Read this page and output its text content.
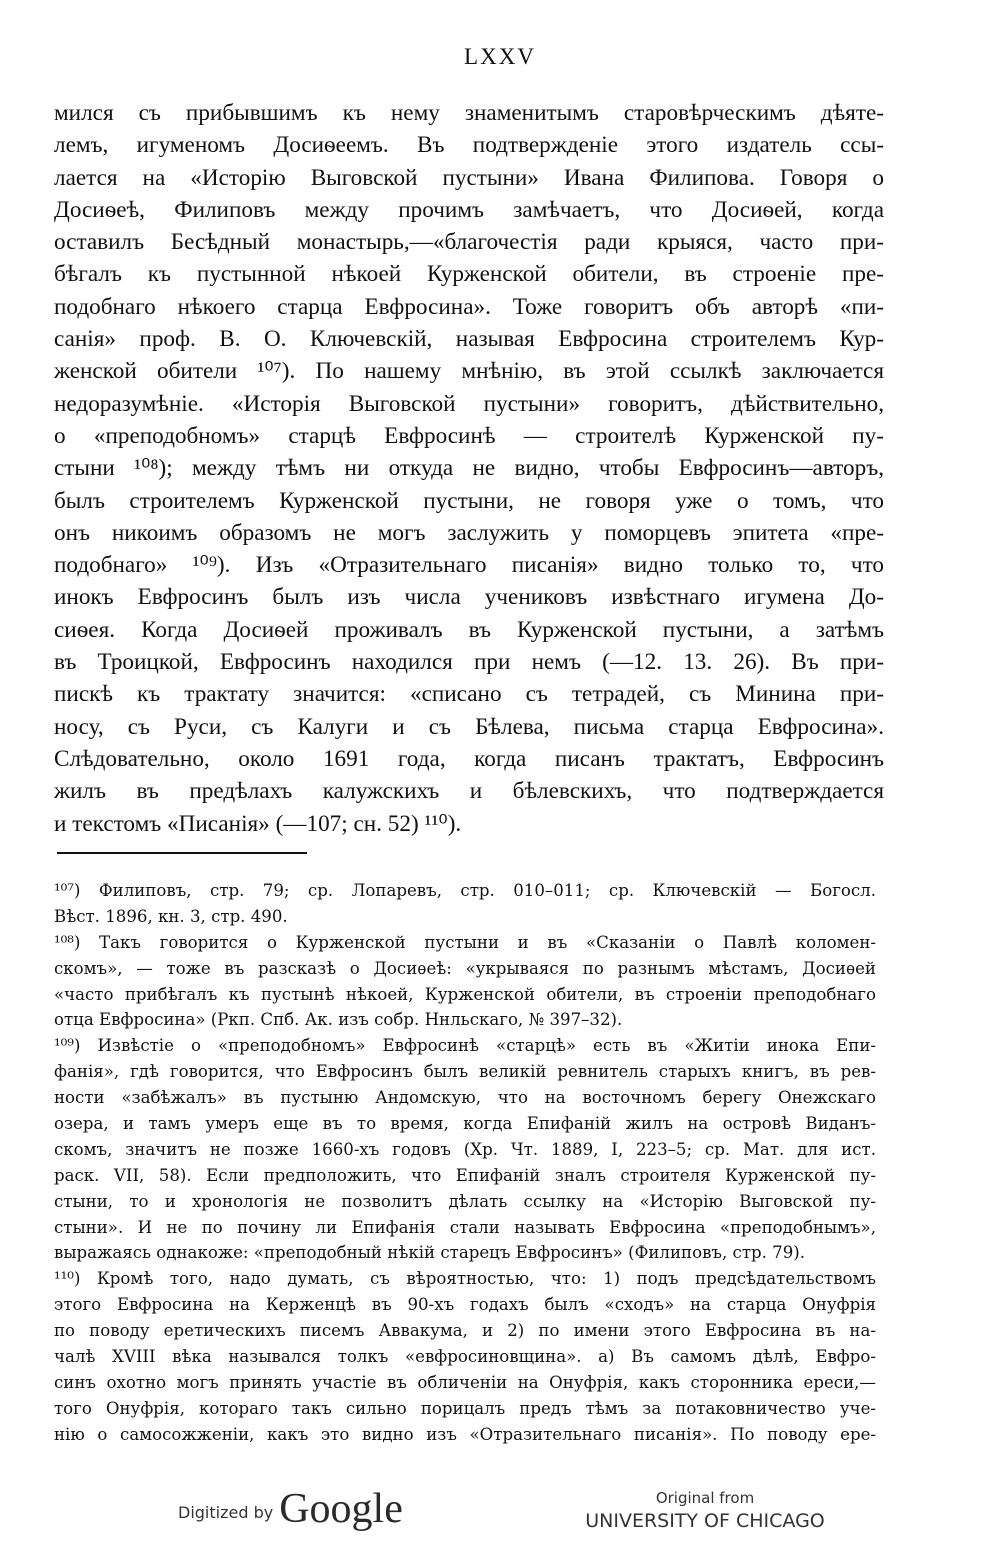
LXXV
мился съ прибывшимъ къ нему знаменитымъ старовѣрческимъ дѣяте-
лемъ, игуменомъ Досиѳеемъ. Въ подтвержденіе этого издатель ссы-
лается на «Исторію Выговской пустыни» Ивана Филипова. Говоря о
Досиѳеѣ, Филиповъ между прочимъ замѣчаетъ, что Досиѳей, когда
оставилъ Бесѣдный монастырь,—«благочестія ради крыяся, часто при-
бѣгалъ къ пустынной нѣкоей Курженской обители, въ строеніе пре-
подобнаго нѣкоего старца Евфросина». Тоже говоритъ объ авторѣ «пи-
санія» проф. В. О. Ключевскій, называя Евфросина строителемъ Кур-
женской обители ¹⁰⁷). По нашему мнѣнію, въ этой ссылкѣ заключается
недоразумѣніе. «Исторія Выговской пустыни» говоритъ, дѣйствительно,
о «преподобномъ» старцѣ Евфросинѣ — строителѣ Курженской пу-
стыни ¹⁰⁸); между тѣмъ ни откуда не видно, чтобы Евфросинъ—авторъ,
былъ строителемъ Курженской пустыни, не говоря уже о томъ, что
онъ никоимъ образомъ не могъ заслужить у поморцевъ эпитета «пре-
подобнаго» ¹⁰⁹). Изъ «Отразительнаго писанія» видно только то, что
инокъ Евфросинъ былъ изъ числа учениковъ извѣстнаго игумена До-
сиѳея. Когда Досиѳей проживалъ въ Курженской пустыни, а затѣмъ
въ Троицкой, Евфросинъ находился при немъ (—12. 13. 26). Въ при-
пискѣ къ трактату значится: «списано съ тетрадей, съ Минина при-
носу, съ Руси, съ Калуги и съ Бѣлева, письма старца Евфросина».
Слѣдовательно, около 1691 года, когда писанъ трактатъ, Евфросинъ
жилъ въ предѣлахъ калужскихъ и бѣлевскихъ, что подтверждается
и текстомъ «Писанія» (—107; сн. 52) ¹¹⁰).
¹⁰⁷) Филиповъ, стр. 79; ср. Лопаревъ, стр. 010–011; ср. Ключевскій — Богосл.
Вѣст. 1896, кн. 3, стр. 490.
¹⁰⁸) Такъ говорится о Курженской пустыни и въ «Сказаніи о Павлѣ коломен-
скомъ», — тоже въ разсказѣ о Досиѳеѣ: «укрываяся по разнымъ мѣстамъ, Досиѳей
«часто прибѣгалъ къ пустынѣ нѣкоей, Курженской обители, въ строеніи преподобнаго
отца Евфросина» (Ркп. Спб. Ак. изъ собр. Ннльскаго, № 397–32).
¹⁰⁹) Извѣстіе о «преподобномъ» Евфросинѣ «старцѣ» есть въ «Житіи инока Епи-
фанія», гдѣ говорится, что Евфросинъ былъ великій ревнитель старыхъ книгъ, въ рев-
ности «забѣжалъ» въ пустыню Андомскую, что на восточномъ берегу Онежскаго
озера, и тамъ умеръ еще въ то время, когда Епифаній жилъ на островѣ Виданъ-
скомъ, значитъ не позже 1660-хъ годовъ (Хр. Чт. 1889, I, 223–5; ср. Мат. для ист.
раск. VII, 58). Если предположить, что Епифаній зналъ строителя Курженской пу-
стыни, то и хронологія не позволитъ дѣлать ссылку на «Исторію Выговской пу-
стыни». И не по почину ли Епифанія стали называть Евфросина «преподобнымъ»,
выражаясь однакоже: «преподобный нѣкій старецъ Евфросинъ» (Филиповъ, стр. 79).
¹¹⁰) Кромѣ того, надо думать, съ вѣроятностью, что: 1) подъ предсѣдательствомъ
этого Евфросина на Керженцѣ въ 90-хъ годахъ былъ «сходъ» на старца Онуфрія
по поводу еретическихъ писемъ Аввакума, и 2) по имени этого Евфросина въ на-
чалѣ XVIII вѣка назывался толкъ «евфросиновщина». а) Въ самомъ дѣлѣ, Евфро-
синъ охотно могъ принять участіе въ обличеніи на Онуфрія, какъ сторонника ереси,—
того Онуфрія, котораго такъ сильно порицалъ предъ тѣмъ за потаковничество уче-
нію о самосожженіи, какъ это видно изъ «Отразительнаго писанія». По поводу ере-
Digitized by Google	Original from
UNIVERSITY OF CHICAGO
